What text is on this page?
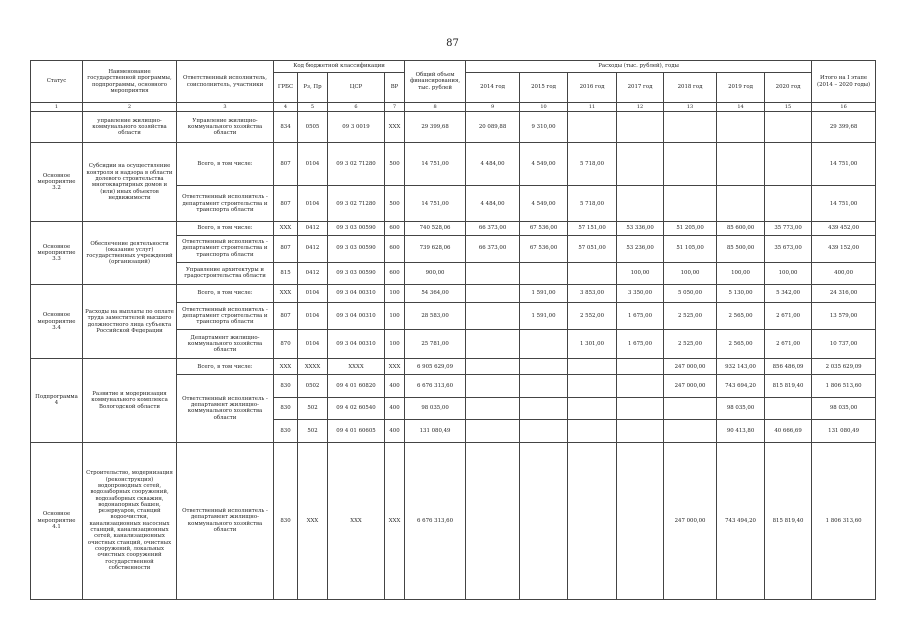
87
Статус	Наименование государственной программы, подпрограммы, основного мероприятия	Ответственный исполнитель, соисполнитель, участники	Код бюджетной классификации				Общий объем финансирования, тыс. рублей	Расходы (тыс. рублей), годы							Итого на I этапе (2014 – 2020 годы)
			ГРБС	Рз, Пр	ЦСР	ВР		2014 год	2015 год	2016 год	2017 год	2018 год	2019 год	2020 год	
1	2	3	4	5	6	7	8	9	10	11	12	13	14	15	16
	управление жилищно-коммунального хозяйства области	Управление жилищно-коммунального хозяйства области	834	0505	09 3 0019	XXX	29 399,68	20 089,88	9 310,00						29 399,68
Основное мероприятие 3.2	Субсидии на осуществление контроля и надзора в области долевого строительства многоквартирных домов и (или) иных объектов недвижимости	Всего, в том числе:	807	0104	09 3 02 71280	500	14 751,00	4 484,00	4 549,00	5 718,00					14 751,00
		Ответственный исполнитель - департамент строительства и транспорта области	807	0104	09 3 02 71280	500	14 751,00	4 484,00	4 549,00	5 718,00					14 751,00
Основное мероприятие 3.3	Обеспечение деятельности (оказание услуг) государственных учреждений (организаций)	Всего, в том числе:	XXX	0412	09 3 03 00590	600	740 528,06	66 373,00	67 536,00	57 151,00	53 336,00	51 205,00	85 600,00	35 773,00	439 452,00
		Ответственный исполнитель - департамент строительства и транспорта области	807	0412	09 3 03 00590	600	739 628,06	66 373,00	67 536,00	57 051,00	53 236,00	51 105,00	85 500,00	35 673,00	439 152,00
		Управление архитектуры и градостроительства области	815	0412	09 3 03 00590	600	900,00				100,00	100,00	100,00	100,00	400,00
Основное мероприятие 3.4	Расходы на выплаты по оплате труда заместителей высшего должностного лица субъекта Российской Федерации	Всего, в том числе:	XXX	0104	09 3 04 00310	100	54 364,00		1 591,00	3 853,00	3 350,00	5 050,00	5 130,00	5 342,00	24 316,00
		Ответственный исполнитель - департамент строительства и транспорта области	807	0104	09 3 04 00310	100	28 583,00		1 591,00	2 552,00	1 675,00	2 525,00	2 565,00	2 671,00	13 579,00
		Департамент жилищно-коммунального хозяйства области	870	0104	09 3 04 00310	100	25 781,00			1 301,00	1 675,00	2 525,00	2 565,00	2 671,00	10 737,00
Подпрограмма 4	Развитие и модернизация коммунального комплекса Вологодской области	Всего, в том числе:	XXX	XXXX	XXXX	XXX	6 905 629,09					247 000,00	932 143,00	856 486,09	2 035 629,09
		Ответственный исполнитель - департамент жилищно-коммунального хозяйства области	830	0502	09 4 01 60820	400	6 676 313,60					247 000,00	743 694,20	815 819,40	1 806 513,60
			830	502	09 4 02 60540	400	98 035,00						98 035,00		98 035,00
			830	502	09 4 01 60605	400	131 080,49						90 413,80	40 666,69	131 080,49
Основное мероприятие 4.1	Строительство, модернизация (реконструкция) водопроводных сетей, водозаборных сооружений, водозаборных скважин, водонапорных башен, резервуаров, станций водоочистки, канализационных насосных станций, канализационных сетей, канализационных очистных станций, очистных сооружений, локальных очистных сооружений государственной собственности	Ответственный исполнитель - департамент жилищно-коммунального хозяйства области	830	XXX	XXX	XXX	6 676 313,60					247 000,00	743 494,20	815 819,40	1 806 313,60
